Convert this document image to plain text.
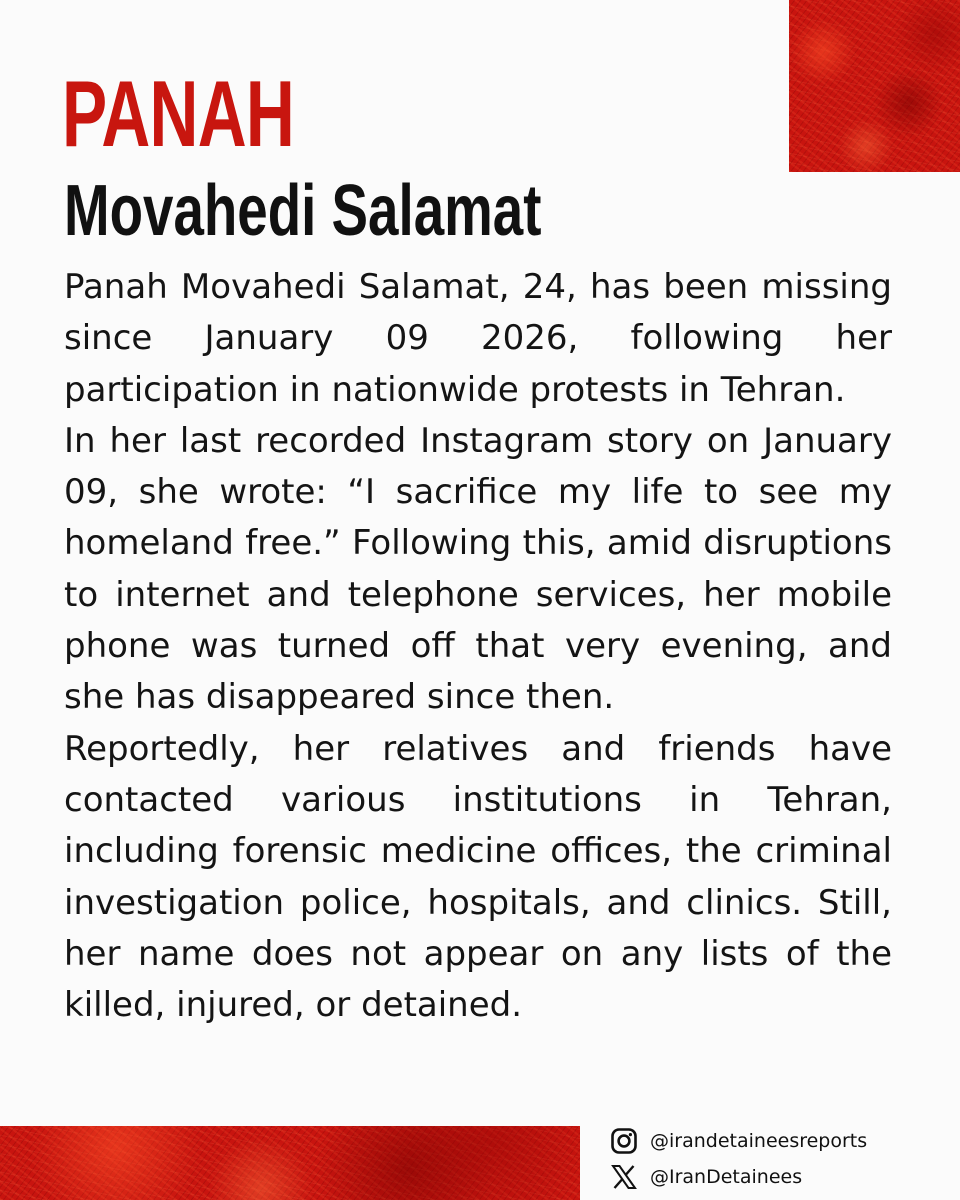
PANAH
Movahedi Salamat

Panah Movahedi Salamat, 24, has been missing since January 09 2026, following her participation in nationwide protests in Tehran.

In her last recorded Instagram story on January 09, she wrote: “I sacrifice my life to see my homeland free.” Following this, amid disruptions to internet and telephone services, her mobile phone was turned off that very evening, and she has disappeared since then.

Reportedly, her relatives and friends have contacted various institutions in Tehran, including forensic medicine offices, the criminal investigation police, hospitals, and clinics. Still, her name does not appear on any lists of the killed, injured, or detained.

@irandetaineesreports
@IranDetainees
